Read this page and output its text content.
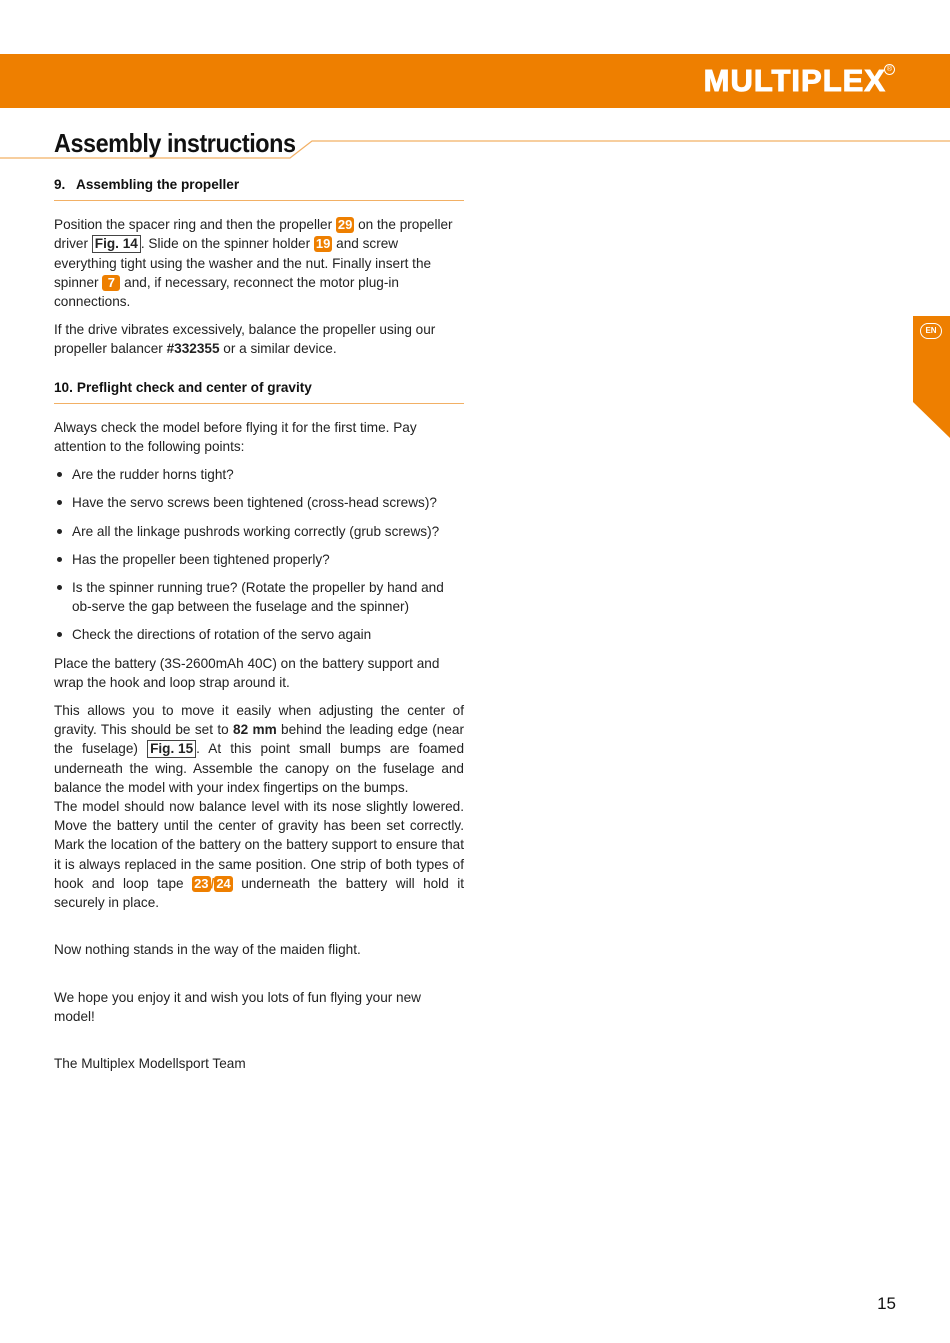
MULTIPLEX ®
Assembly instructions
EN
9. Assembling the propeller

Position the spacer ring and then the propeller 29 on the propeller driver Fig. 14 . Slide on the spinner holder 19 and screw everything tight using the washer and the nut. Finally insert the spinner 7 and, if necessary, reconnect the motor plug-in connections.

If the drive vibrates excessively, balance the propeller using our propeller balancer #332355 or a similar device.

10. Preflight check and center of gravity

Always check the model before flying it for the first time. Pay attention to the following points:

Are the rudder horns tight?
Have the servo screws been tightened (cross-head screws)?
Are all the linkage pushrods working correctly (grub screws)?
Has the propeller been tightened properly?
Is the spinner running true? (Rotate the propeller by hand and ob-serve the gap between the fuselage and the spinner)
Check the directions of rotation of the servo again

Place the battery (3S-2600mAh 40C) on the battery support and wrap the hook and loop strap around it.

This allows you to move it easily when adjusting the center of gravity. This should be set to 82 mm behind the leading edge (near the fuselage) Fig. 15 . At this point small bumps are foamed underneath the wing. Assemble the canopy on the fuselage and balance the model with your index fingertips on the bumps.
The model should now balance level with its nose slightly lowered. Move the battery until the center of gravity has been set correctly. Mark the location of the battery on the battery support to ensure that it is always replaced in the same position. One strip of both types of hook and loop tape 23 / 24 underneath the battery will hold it securely in place.

Now nothing stands in the way of the maiden flight.

We hope you enjoy it and wish you lots of fun flying your new model!

The Multiplex Modellsport Team

15
